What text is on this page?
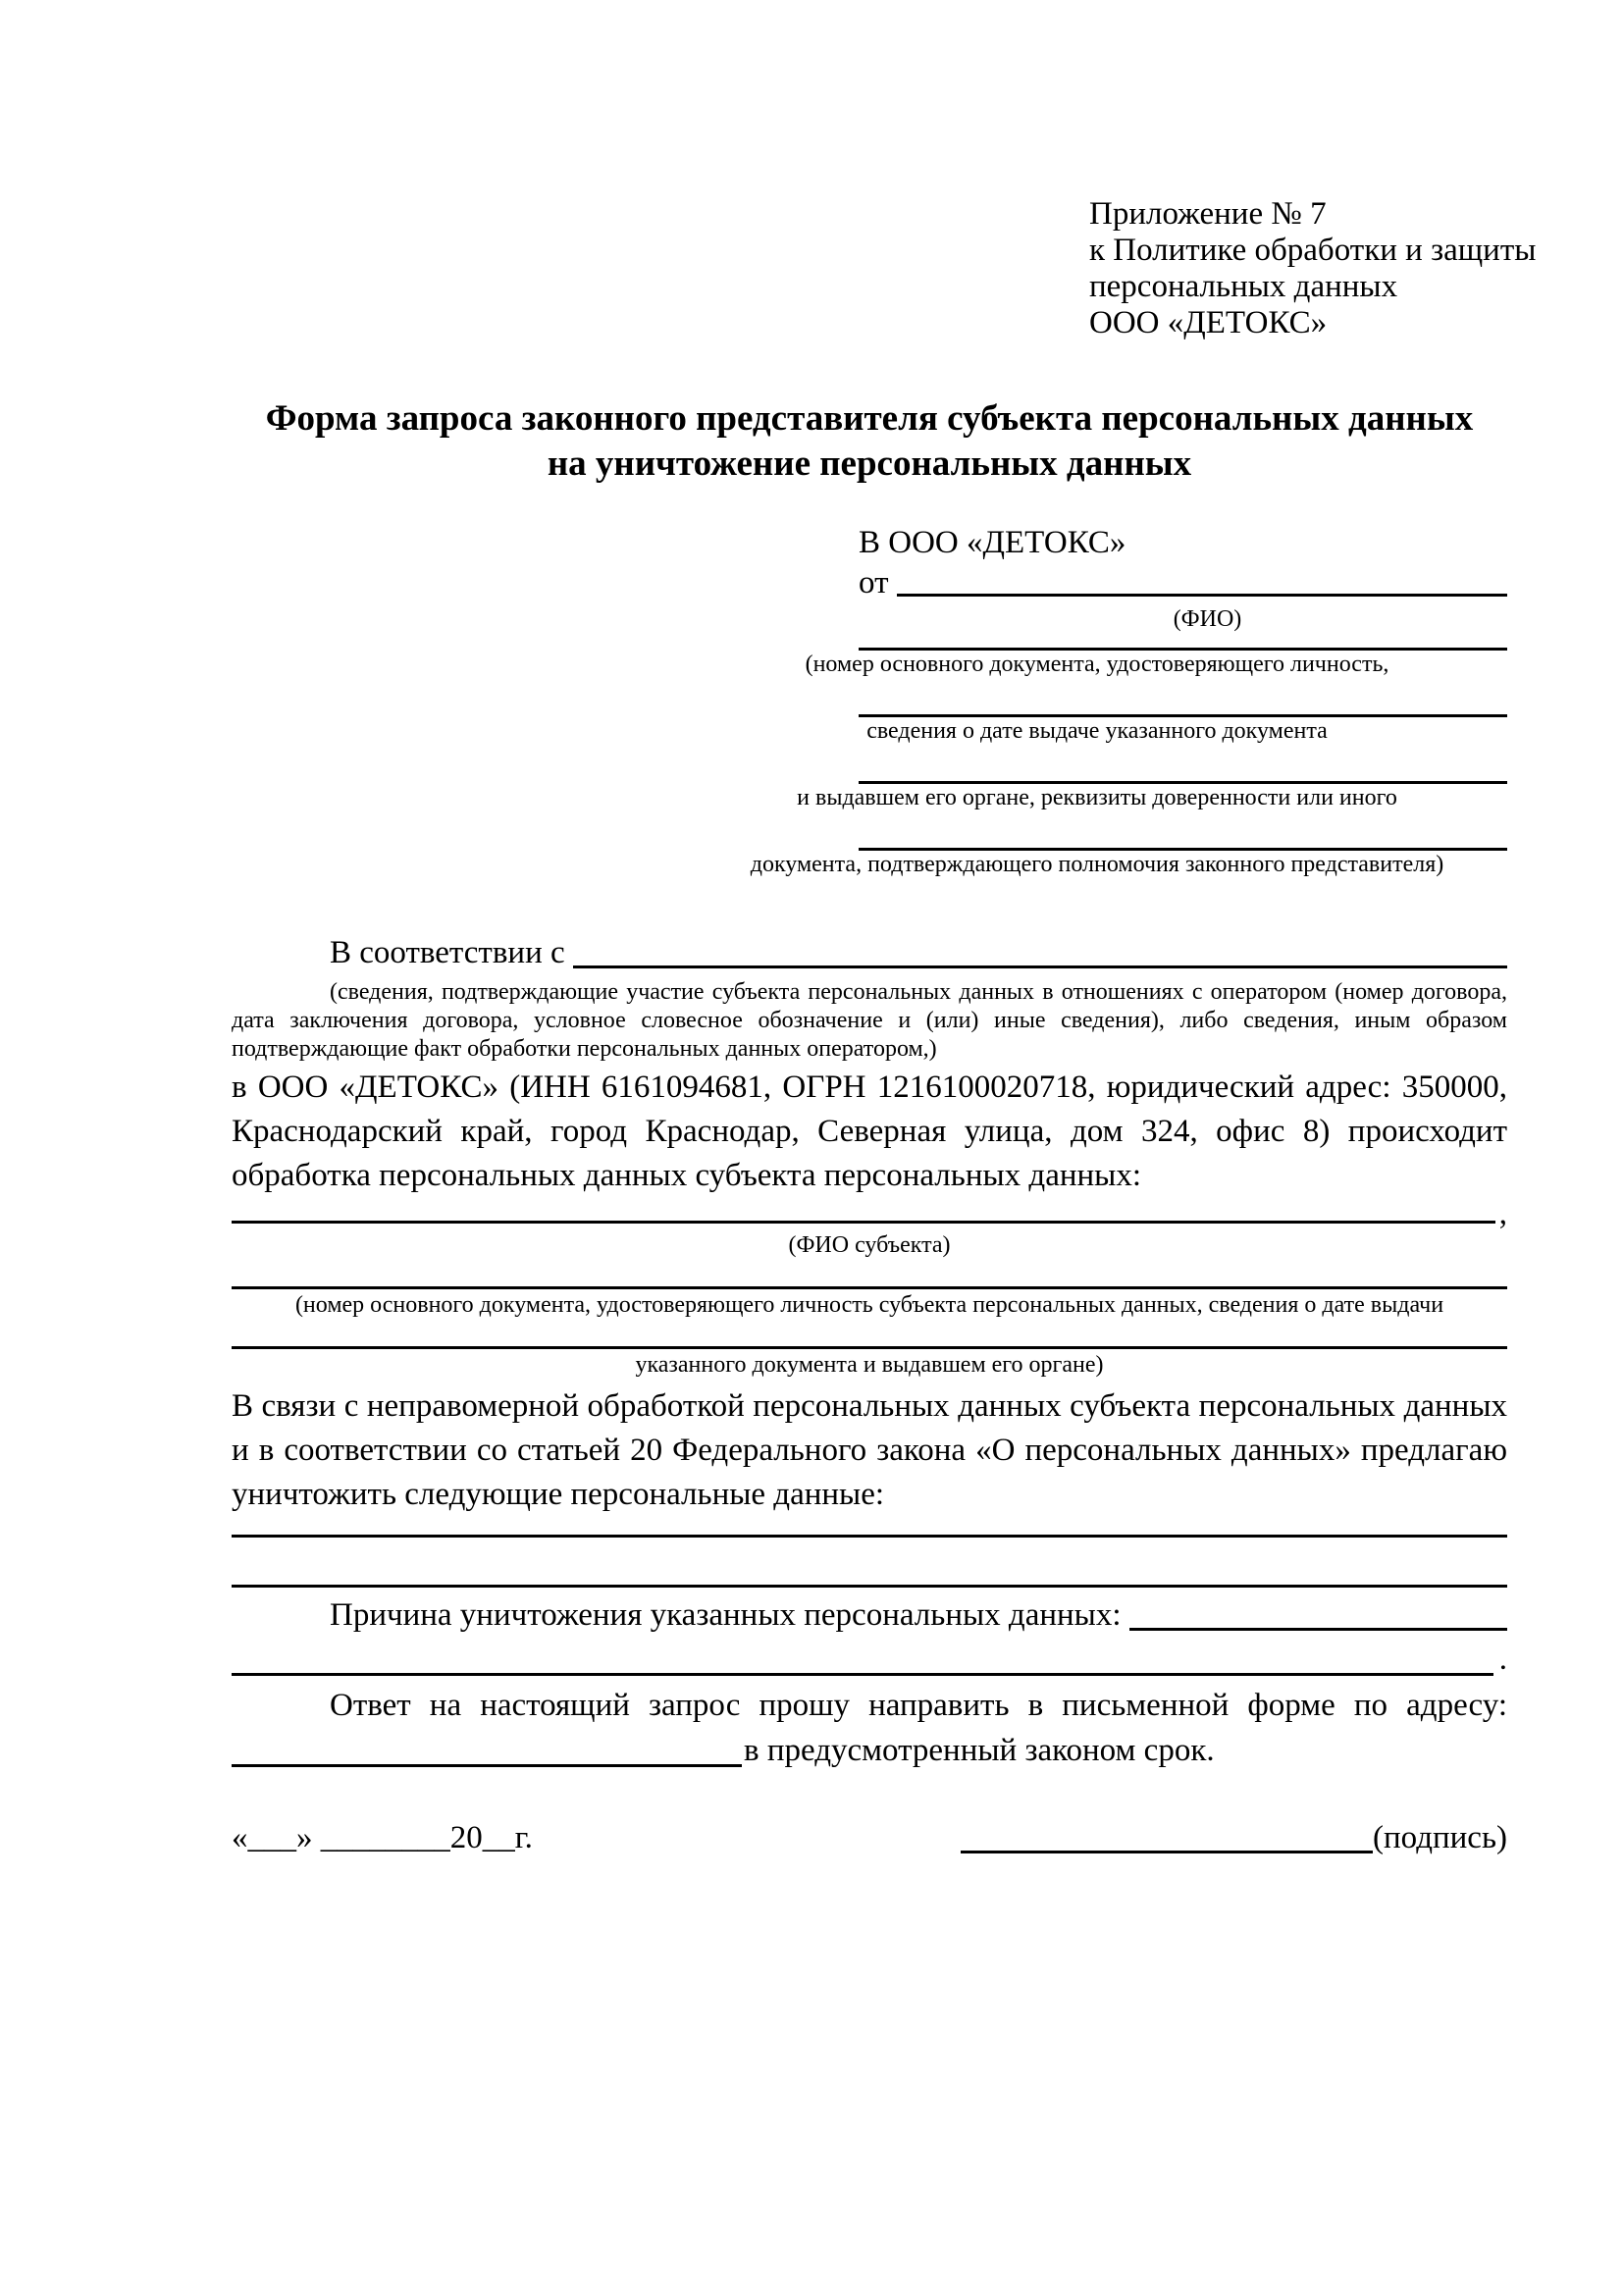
Приложение № 7
к Политике обработки и защиты
персональных данных
ООО «ДЕТОКС»
Форма запроса законного представителя субъекта персональных данных
на уничтожение персональных данных
В ООО «ДЕТОКС»
от
(ФИО)
(номер основного документа, удостоверяющего личность,
сведения о дате выдаче указанного документа
и выдавшем его органе, реквизиты доверенности или иного
документа, подтверждающего полномочия законного представителя)
В соответствии с

(сведения, подтверждающие участие субъекта персональных данных в отношениях с оператором (номер договора, дата заключения договора, условное словесное обозначение и (или) иные сведения), либо сведения, иным образом подтверждающие факт обработки персональных данных оператором,)

в ООО «ДЕТОКС» (ИНН 6161094681, ОГРН 1216100020718, юридический адрес: 350000, Краснодарский край, город Краснодар, Северная улица, дом 324, офис 8) происходит обработка персональных данных субъекта персональных данных:

,
(ФИО субъекта)
(номер основного документа, удостоверяющего личность субъекта персональных данных, сведения о дате выдачи
указанного документа и выдавшем его органе)

В связи с неправомерной обработкой персональных данных субъекта персональных данных и в соответствии со статьей 20 Федерального закона «О персональных данных» предлагаю уничтожить следующие персональные данные:

Причина уничтожения указанных персональных данных:
.

Ответ на настоящий запрос прошу направить в письменной форме по адресу:

в предусмотренный законом срок.
«___» ________20__г.	(подпись)
